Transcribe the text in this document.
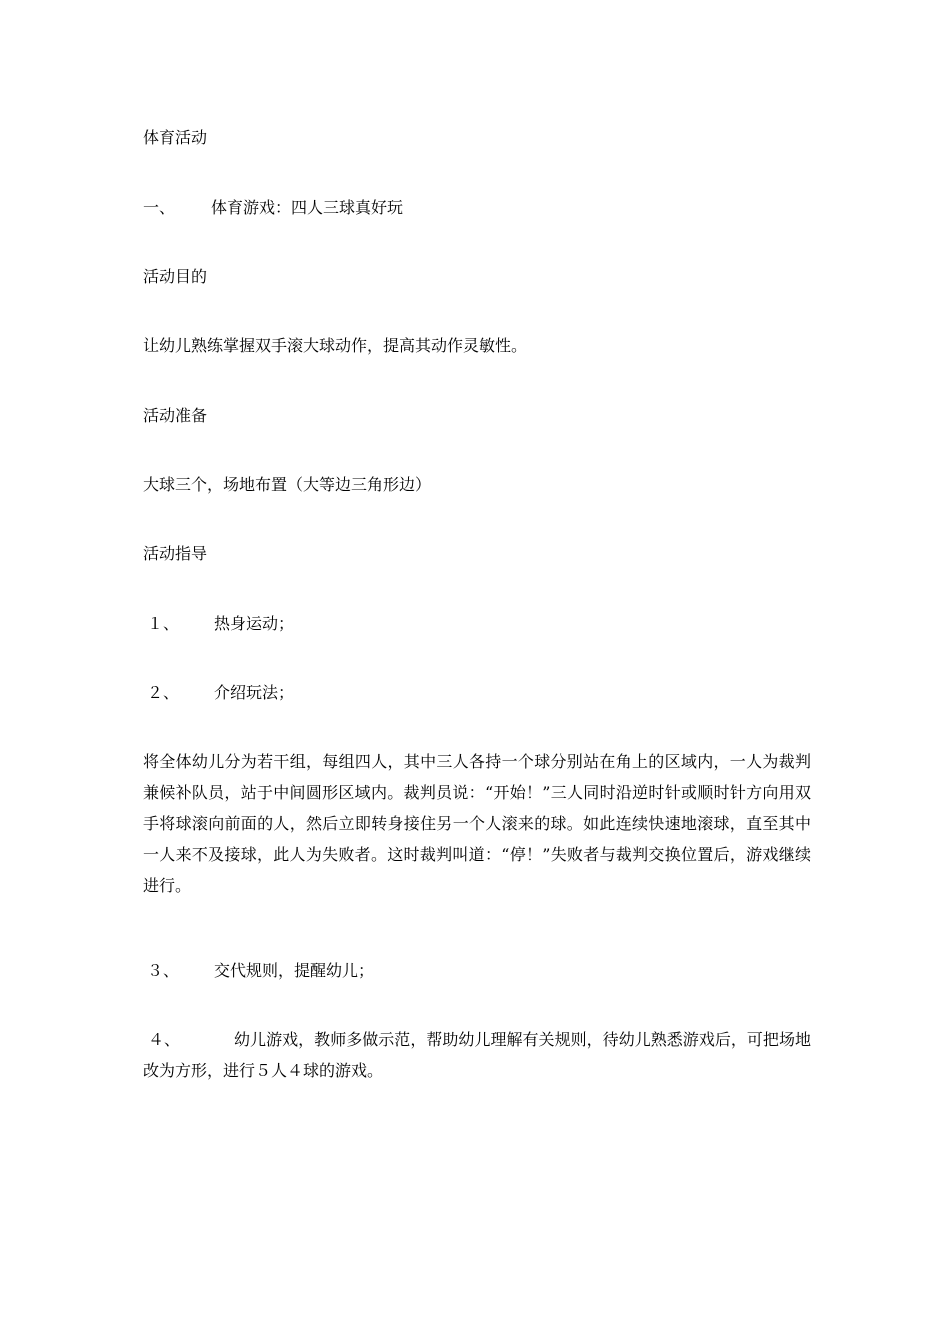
体育活动
一、 体育游戏：四人三球真好玩
活动目的
让幼儿熟练掌握双手滚大球动作，提高其动作灵敏性。
活动准备
大球三个，场地布置（大等边三角形边）
活动指导
１、 热身运动；
２、 介绍玩法；
将全体幼儿分为若干组，每组四人，其中三人各持一个球分别站在角上的区域内，一人为裁判兼候补队员，站于中间圆形区域内。裁判员说：“开始！”三人同时沿逆时针或顺时针方向用双手将球滚向前面的人，然后立即转身接住另一个人滚来的球。如此连续快速地滚球，直至其中一人来不及接球，此人为失败者。这时裁判叫道：“停！”失败者与裁判交换位置后，游戏继续进行。
３、 交代规则，提醒幼儿；
４、	幼儿游戏，教师多做示范，帮助幼儿理解有关规则，待幼儿熟悉游戏后，可把场地改为方形，进行５人４球的游戏。
